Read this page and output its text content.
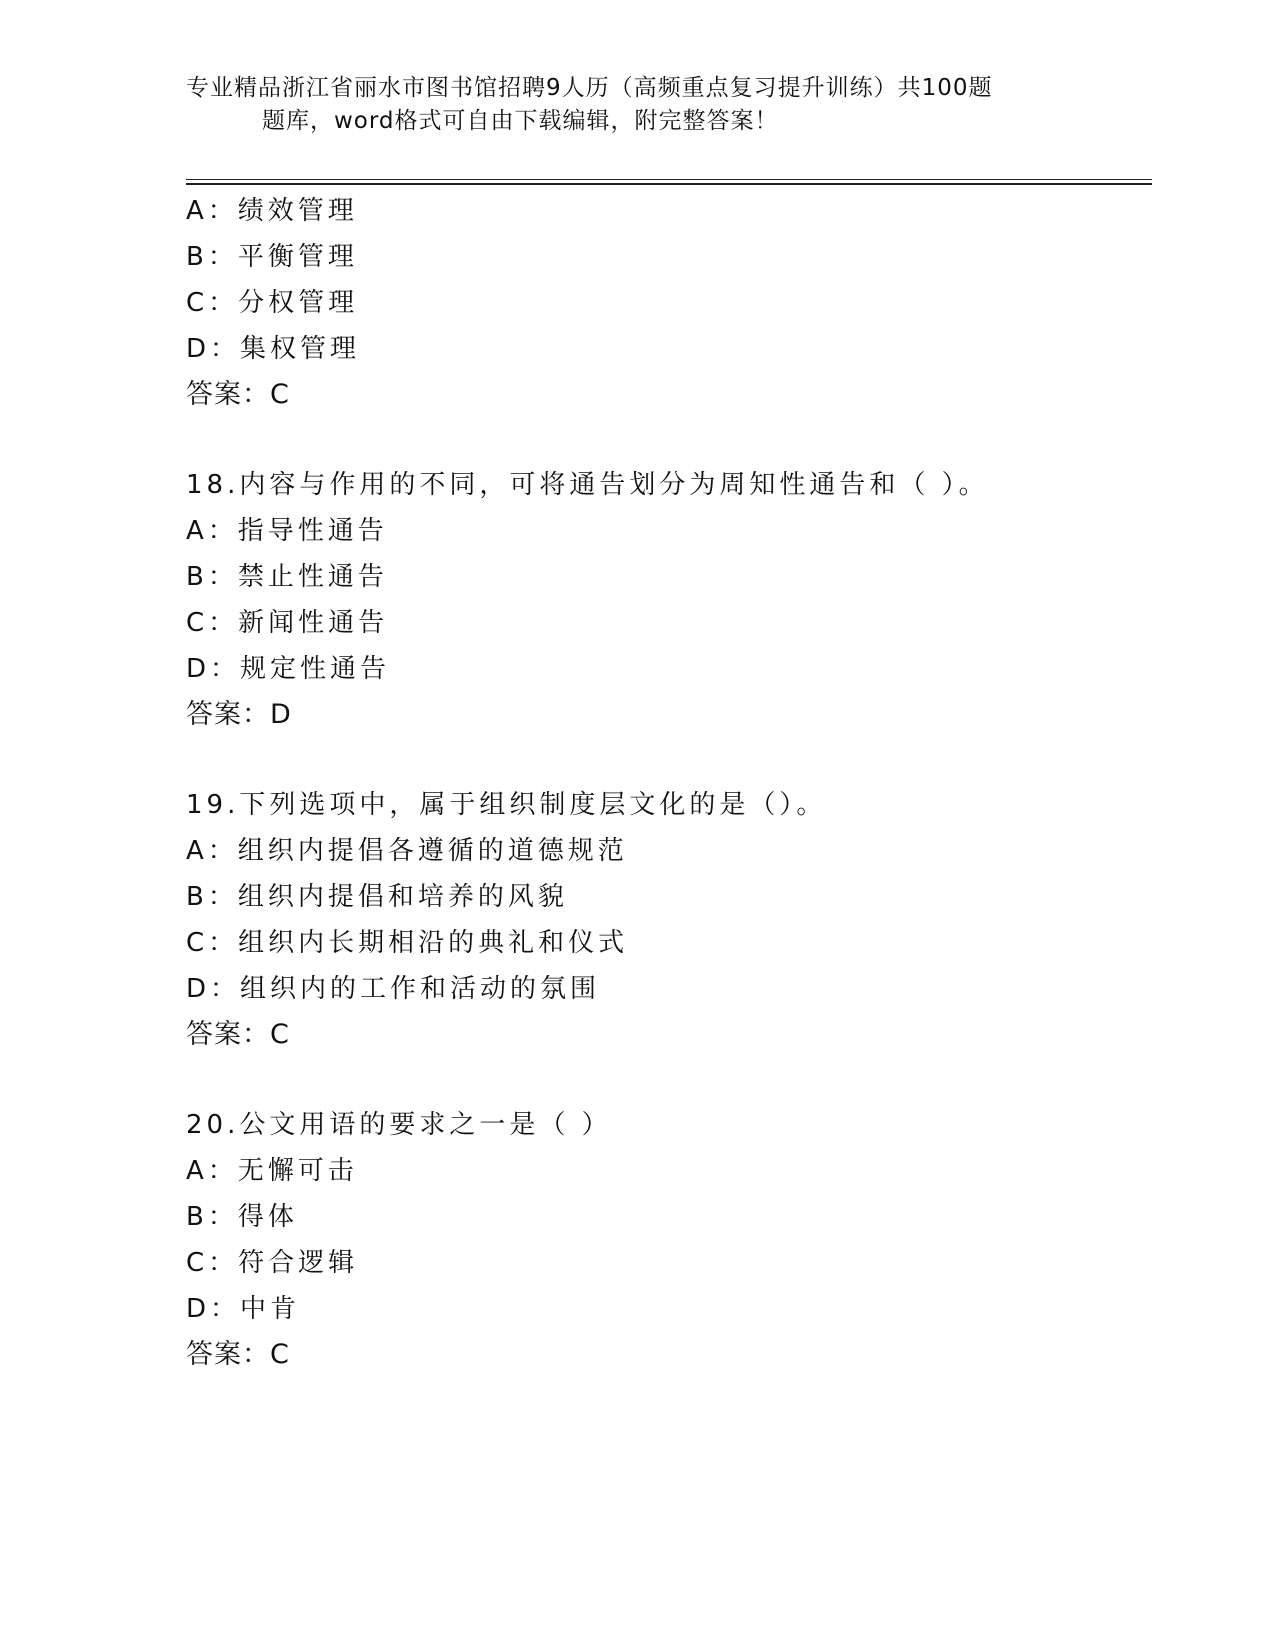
专业精品浙江省丽水市图书馆招聘9人历（高频重点复习提升训练）共100题
题库，word格式可自由下载编辑，附完整答案！
A：绩效管理
B：平衡管理
C：分权管理
D：集权管理
答案：C
18.内容与作用的不同，可将通告划分为周知性通告和（ ）。
A：指导性通告
B：禁止性通告
C：新闻性通告
D：规定性通告
答案：D
19.下列选项中，属于组织制度层文化的是（）。
A：组织内提倡各遵循的道德规范
B：组织内提倡和培养的风貌
C：组织内长期相沿的典礼和仪式
D：组织内的工作和活动的氛围
答案：C
20.公文用语的要求之一是（ ）
A：无懈可击
B：得体
C：符合逻辑
D：中肯
答案：C
